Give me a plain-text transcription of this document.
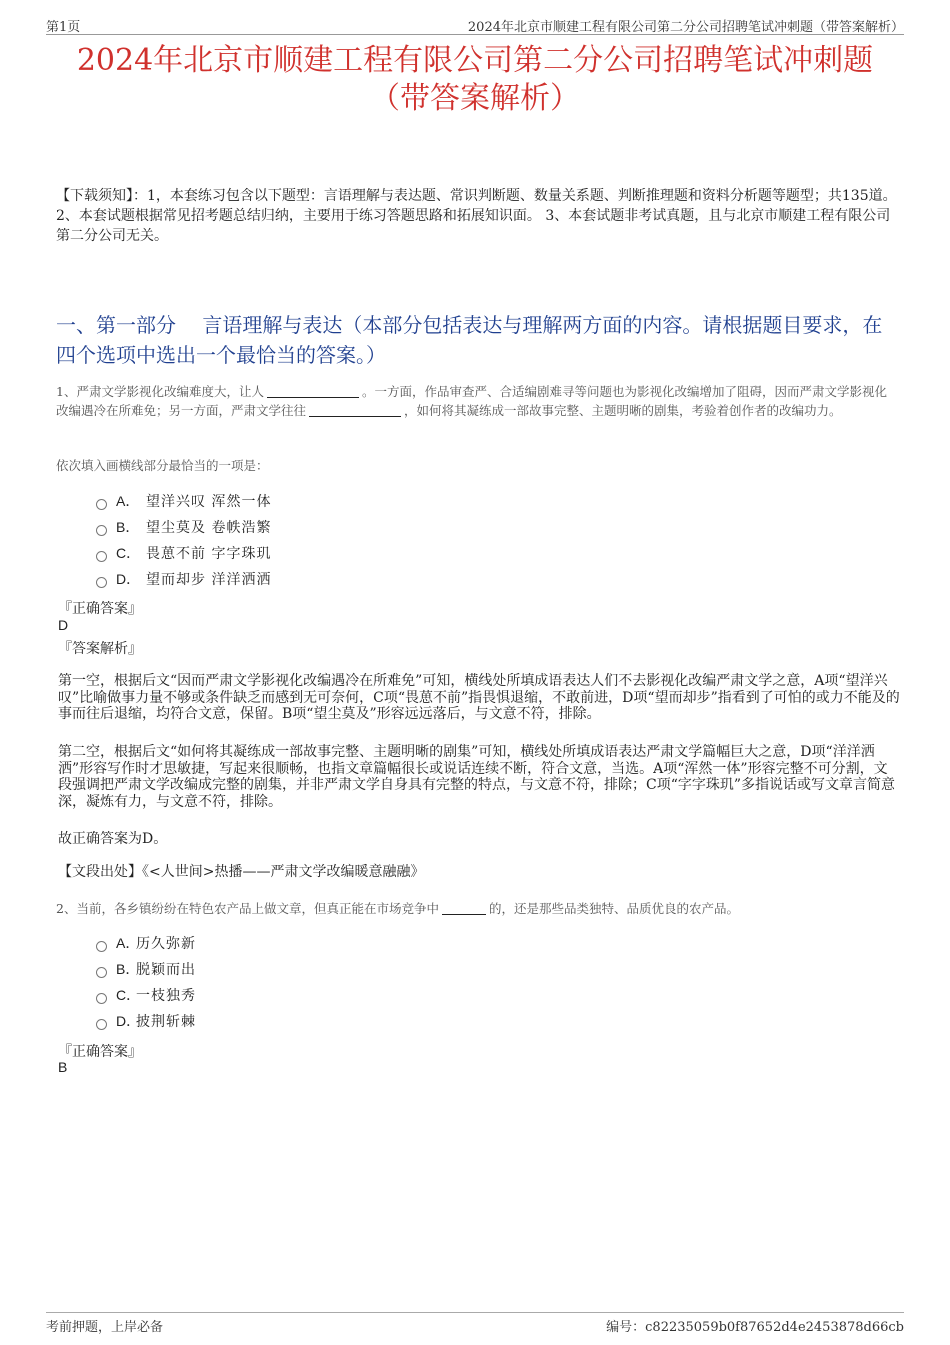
第1页	2024年北京市顺建工程有限公司第二分公司招聘笔试冲刺题（带答案解析）
2024年北京市顺建工程有限公司第二分公司招聘笔试冲刺题
（带答案解析）
【下载须知】：1，本套练习包含以下题型：言语理解与表达题、常识判断题、数量关系题、判断推理题和资料分析题等题型；共135道。 2、本套试题根据常见招考题总结归纳，主要用于练习答题思路和拓展知识面。 3、本套试题非考试真题，且与北京市顺建工程有限公司第二分公司无关。
一、第一部分　 言语理解与表达（本部分包括表达与理解两方面的内容。请根据题目要求，在四个选项中选出一个最恰当的答案。）
1、严肃文学影视化改编难度大，让人	。一方面，作品审查严、合适编剧难寻等问题也为影视化改编增加了阻碍，因而严肃文学影视化改编遇冷在所难免；另一方面，严肃文学往往	，如何将其凝练成一部故事完整、主题明晰的剧集，考验着创作者的改编功力。
依次填入画横线部分最恰当的一项是：
A． 望洋兴叹 浑然一体
B． 望尘莫及 卷帙浩繁
C． 畏葸不前 字字珠玑
D． 望而却步 洋洋洒洒
『正确答案』
D
『答案解析』
第一空，根据后文“因而严肃文学影视化改编遇冷在所难免”可知，横线处所填成语表达人们不去影视化改编严肃文学之意，A项“望洋兴叹”比喻做事力量不够或条件缺乏而感到无可奈何，C项“畏葸不前”指畏惧退缩，不敢前进，D项“望而却步”指看到了可怕的或力不能及的事而往后退缩，均符合文意，保留。B项“望尘莫及”形容远远落后，与文意不符，排除。
第二空，根据后文“如何将其凝练成一部故事完整、主题明晰的剧集”可知，横线处所填成语表达严肃文学篇幅巨大之意，D项“洋洋洒洒”形容写作时才思敏捷，写起来很顺畅，也指文章篇幅很长或说话连续不断，符合文意，当选。A项“浑然一体”形容完整不可分割，文段强调把严肃文学改编成完整的剧集，并非严肃文学自身具有完整的特点，与文意不符，排除；C项“字字珠玑”多指说话或写文章言简意深，凝炼有力，与文意不符，排除。
故正确答案为D。
【文段出处】《<人世间>热播——严肃文学改编暖意融融》
2、当前，各乡镇纷纷在特色农产品上做文章，但真正能在市场竞争中	的，还是那些品类独特、品质优良的农产品。
A．
历久弥新
B．
脱颖而出
C．
一枝独秀
D．
披荆斩棘
『正确答案』
B
考前押题，上岸必备	编号：c82235059b0f87652d4e2453878d66cb
